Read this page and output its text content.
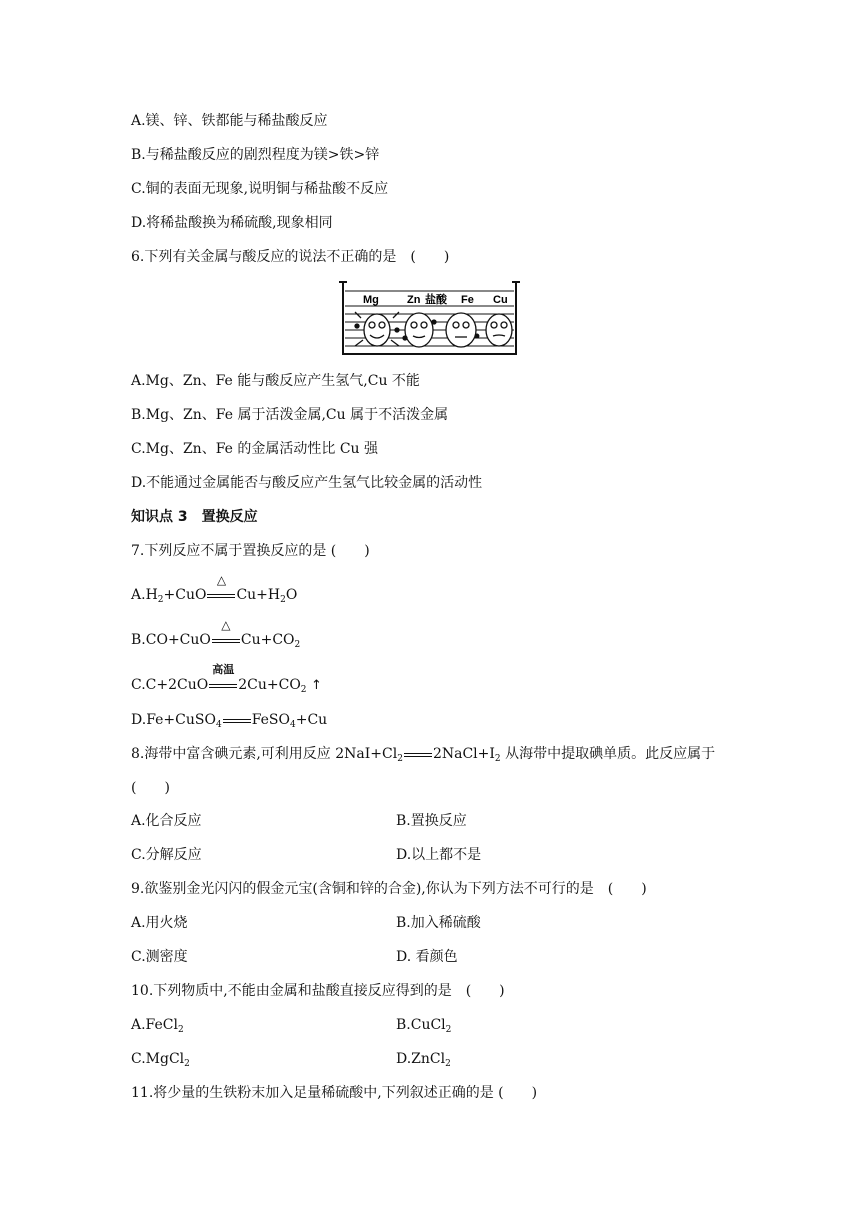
A.镁、锌、铁都能与稀盐酸反应
B.与稀盐酸反应的剧烈程度为镁>铁>锌
C.铜的表面无现象,说明铜与稀盐酸不反应
D.将稀盐酸换为稀硫酸,现象相同
6.下列有关金属与酸反应的说法不正确的是　(　　)
Mg	Zn 盐酸 Fe Cu
A.Mg、Zn、Fe 能与酸反应产生氢气,Cu 不能
B.Mg、Zn、Fe 属于活泼金属,Cu 属于不活泼金属
C.Mg、Zn、Fe 的金属活动性比 Cu 强
D.不能通过金属能否与酸反应产生氢气比较金属的活动性
知识点 3　置换反应
7.下列反应不属于置换反应的是 (　　)
$A.H_2+CuO$
△
$Cu+H_2O$
B.CO+CuO
△
$Cu+CO_2$
C.C+2CuO
高温
$2Cu+CO_2$ ↑
D.Fe+CuSO$_4$ FeSO$_4$+Cu
8.海带中富含碘元素,可利用反应 $2NaI+Cl_2$ $2NaCl+I_2$ 从海带中提取碘单质。此反应属于
(　　)
A.化合反应	B.置换反应
C.分解反应	D.以上都不是
9.欲鉴别金光闪闪的假金元宝(含铜和锌的合金),你认为下列方法不可行的是　(　　)
A.用火烧	B.加入稀硫酸
C.测密度	D. 看颜色
10.下列物质中,不能由金属和盐酸直接反应得到的是　(　　)
A.FeCl$_2$	B.CuCl$_2$
C.MgCl$_2$	D.ZnCl$_2$
11.将少量的生铁粉末加入足量稀硫酸中,下列叙述正确的是 (　　)
